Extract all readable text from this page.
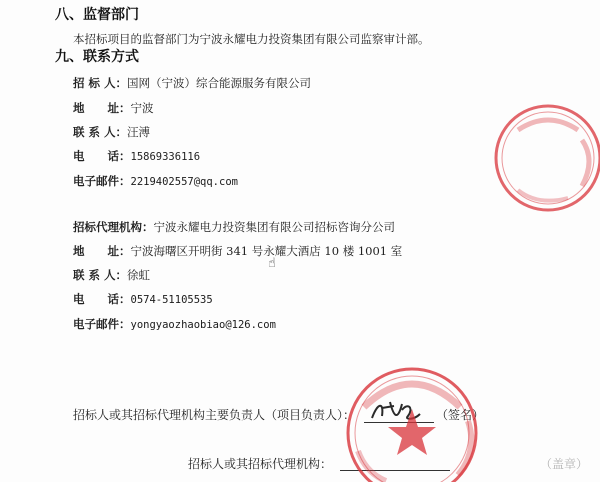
八、监督部门
本招标项目的监督部门为宁波永耀电力投资集团有限公司监察审计部。
九、联系方式
招 标 人：国网（宁波）综合能源服务有限公司
地　　址：宁波
联 系 人：汪溥
电　　话：15869336116
电子邮件：2219402557@qq.com
招标代理机构：宁波永耀电力投资集团有限公司招标咨询分公司
地　　址：宁波海曙区开明街 341 号永耀大酒店 10 楼 1001 室
联 系 人：徐虹
电　　话：0574-51105535
电子邮件：yongyaozhaobiao@126.com
☝
招标人或其招标代理机构主要负责人（项目负责人）：	（签名）
招标人或其招标代理机构：	（盖章）
